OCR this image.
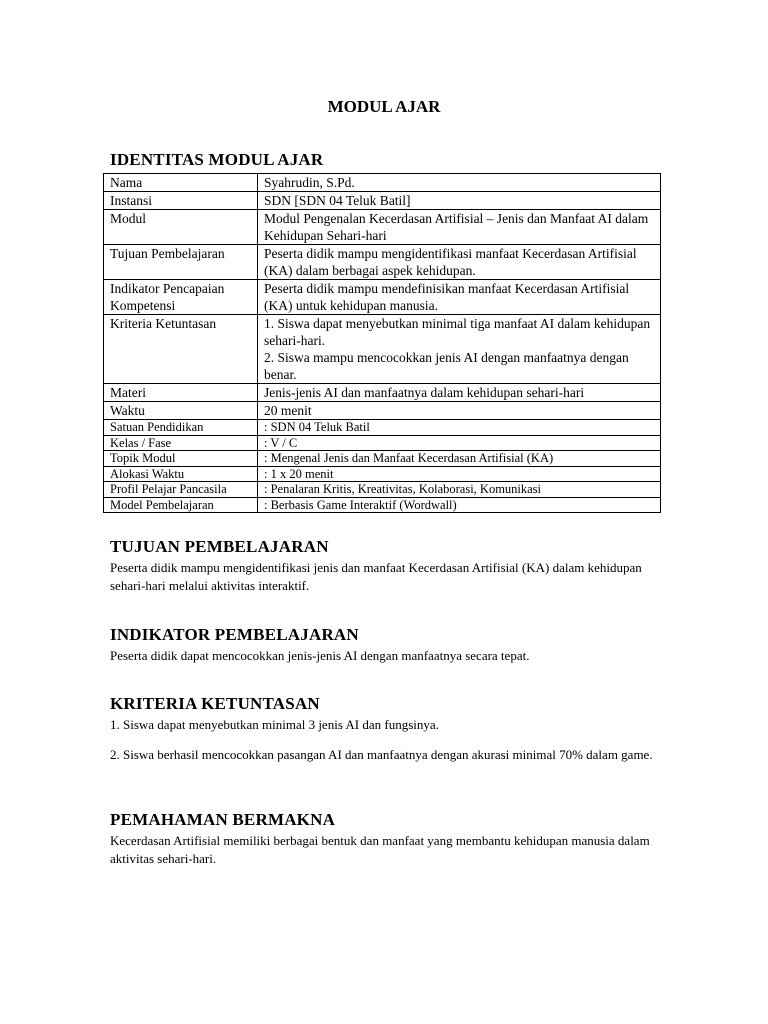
MODUL AJAR
IDENTITAS MODUL AJAR
Nama	Syahrudin, S.Pd.
Instansi	SDN [SDN 04 Teluk Batil]
Modul	Modul Pengenalan Kecerdasan Artifisial – Jenis dan Manfaat AI dalam Kehidupan Sehari-hari
Tujuan Pembelajaran	Peserta didik mampu mengidentifikasi manfaat Kecerdasan Artifisial (KA) dalam berbagai aspek kehidupan.
Indikator Pencapaian Kompetensi	Peserta didik mampu mendefinisikan manfaat Kecerdasan Artifisial (KA) untuk kehidupan manusia.
Kriteria Ketuntasan	1. Siswa dapat menyebutkan minimal tiga manfaat AI dalam kehidupan sehari-hari.
2. Siswa mampu mencocokkan jenis AI dengan manfaatnya dengan benar.

Materi	Jenis-jenis AI dan manfaatnya dalam kehidupan sehari-hari
Waktu	20 menit
Satuan Pendidikan	: SDN 04 Teluk Batil
Kelas / Fase	: V / C
Topik Modul	: Mengenal Jenis dan Manfaat Kecerdasan Artifisial (KA)
Alokasi Waktu	: 1 x 20 menit
Profil Pelajar Pancasila	: Penalaran Kritis, Kreativitas, Kolaborasi, Komunikasi
Model Pembelajaran	: Berbasis Game Interaktif (Wordwall)
TUJUAN PEMBELAJARAN

Peserta didik mampu mengidentifikasi jenis dan manfaat Kecerdasan Artifisial (KA) dalam kehidupan sehari-hari melalui aktivitas interaktif.

INDIKATOR PEMBELAJARAN

Peserta didik dapat mencocokkan jenis-jenis AI dengan manfaatnya secara tepat.

KRITERIA KETUNTASAN

1. Siswa dapat menyebutkan minimal 3 jenis AI dan fungsinya.

2. Siswa berhasil mencocokkan pasangan AI dan manfaatnya dengan akurasi minimal 70% dalam game.

PEMAHAMAN BERMAKNA

Kecerdasan Artifisial memiliki berbagai bentuk dan manfaat yang membantu kehidupan manusia dalam aktivitas sehari-hari.
